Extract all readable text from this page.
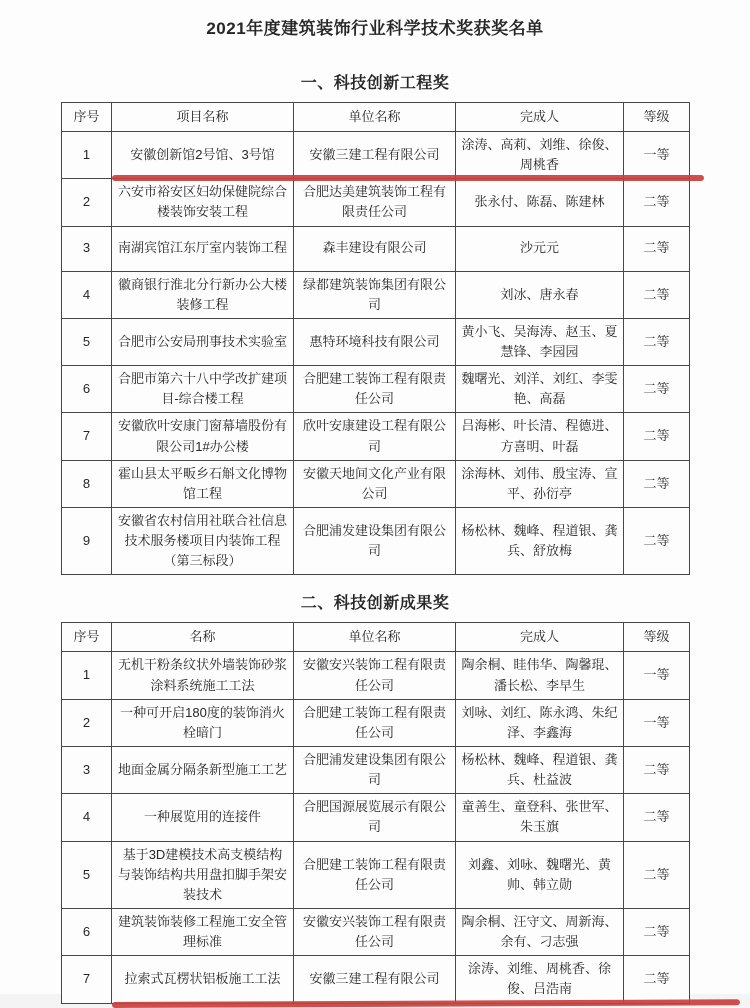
2021年度建筑装饰行业科学技术奖获奖名单
一、科技创新工程奖
序号	项目名称	单位名称	完成人	等级
1	安徽创新馆2号馆、3号馆	安徽三建工程有限公司	涂涛、高莉、刘维、徐俊、周桃香	一等
2	六安市裕安区妇幼保健院综合楼装饰安装工程	合肥达美建筑装饰工程有限责任公司	张永付、陈磊、陈建林	二等
3	南湖宾馆江东厅室内装饰工程	森丰建设有限公司	沙元元	二等
4	徽商银行淮北分行新办公大楼装修工程	绿都建筑装饰集团有限公司	刘冰、唐永春	二等
5	合肥市公安局刑事技术实验室	惠特环境科技有限公司	黄小飞、吴海涛、赵玉、夏慧锋、李园园	二等
6	合肥市第六十八中学改扩建项目-综合楼工程	合肥建工装饰工程有限责任公司	魏曙光、刘洋、刘红、李雯艳、高磊	二等
7	安徽欣叶安康门窗幕墙股份有限公司1#办公楼	欣叶安康建设工程有限公司	吕海彬、叶长清、程德进、方喜明、叶磊	二等
8	霍山县太平畈乡石斛文化博物馆工程	安徽天地间文化产业有限公司	涂海林、刘伟、殷宝涛、宣平、孙衍亭	二等
9	安徽省农村信用社联合社信息技术服务楼项目内装饰工程（第三标段）	合肥浦发建设集团有限公司	杨松林、魏峰、程道银、龚兵、舒放梅	二等
二、科技创新成果奖
序号	名称	单位名称	完成人	等级
1	无机干粉条纹状外墙装饰砂浆涂料系统施工工法	安徽安兴装饰工程有限责任公司	陶余桐、眭伟华、陶馨琨、潘长松、李早生	一等
2	一种可开启180度的装饰消火栓暗门	合肥建工装饰工程有限责任公司	刘咏、刘红、陈永鸿、朱纪泽、李鑫海	一等
3	地面金属分隔条新型施工工艺	合肥浦发建设集团有限公司	杨松林、魏峰、程道银、龚兵、杜益波	二等
4	一种展览用的连接件	合肥国源展览展示有限公司	童善生、童登科、张世军、朱玉旗	二等
5	基于3D建模技术高支模结构与装饰结构共用盘扣脚手架安装技术	合肥建工装饰工程有限责任公司	刘鑫、刘咏、魏曙光、黄帅、韩立勋	二等
6	建筑装饰装修工程施工安全管理标准	安徽安兴装饰工程有限责任公司	陶余桐、汪守文、周新海、余有、刁志强	二等
7	拉索式瓦楞状铝板施工工法	安徽三建工程有限公司	涂涛、刘维、周桃香、徐俊、吕浩南	二等
